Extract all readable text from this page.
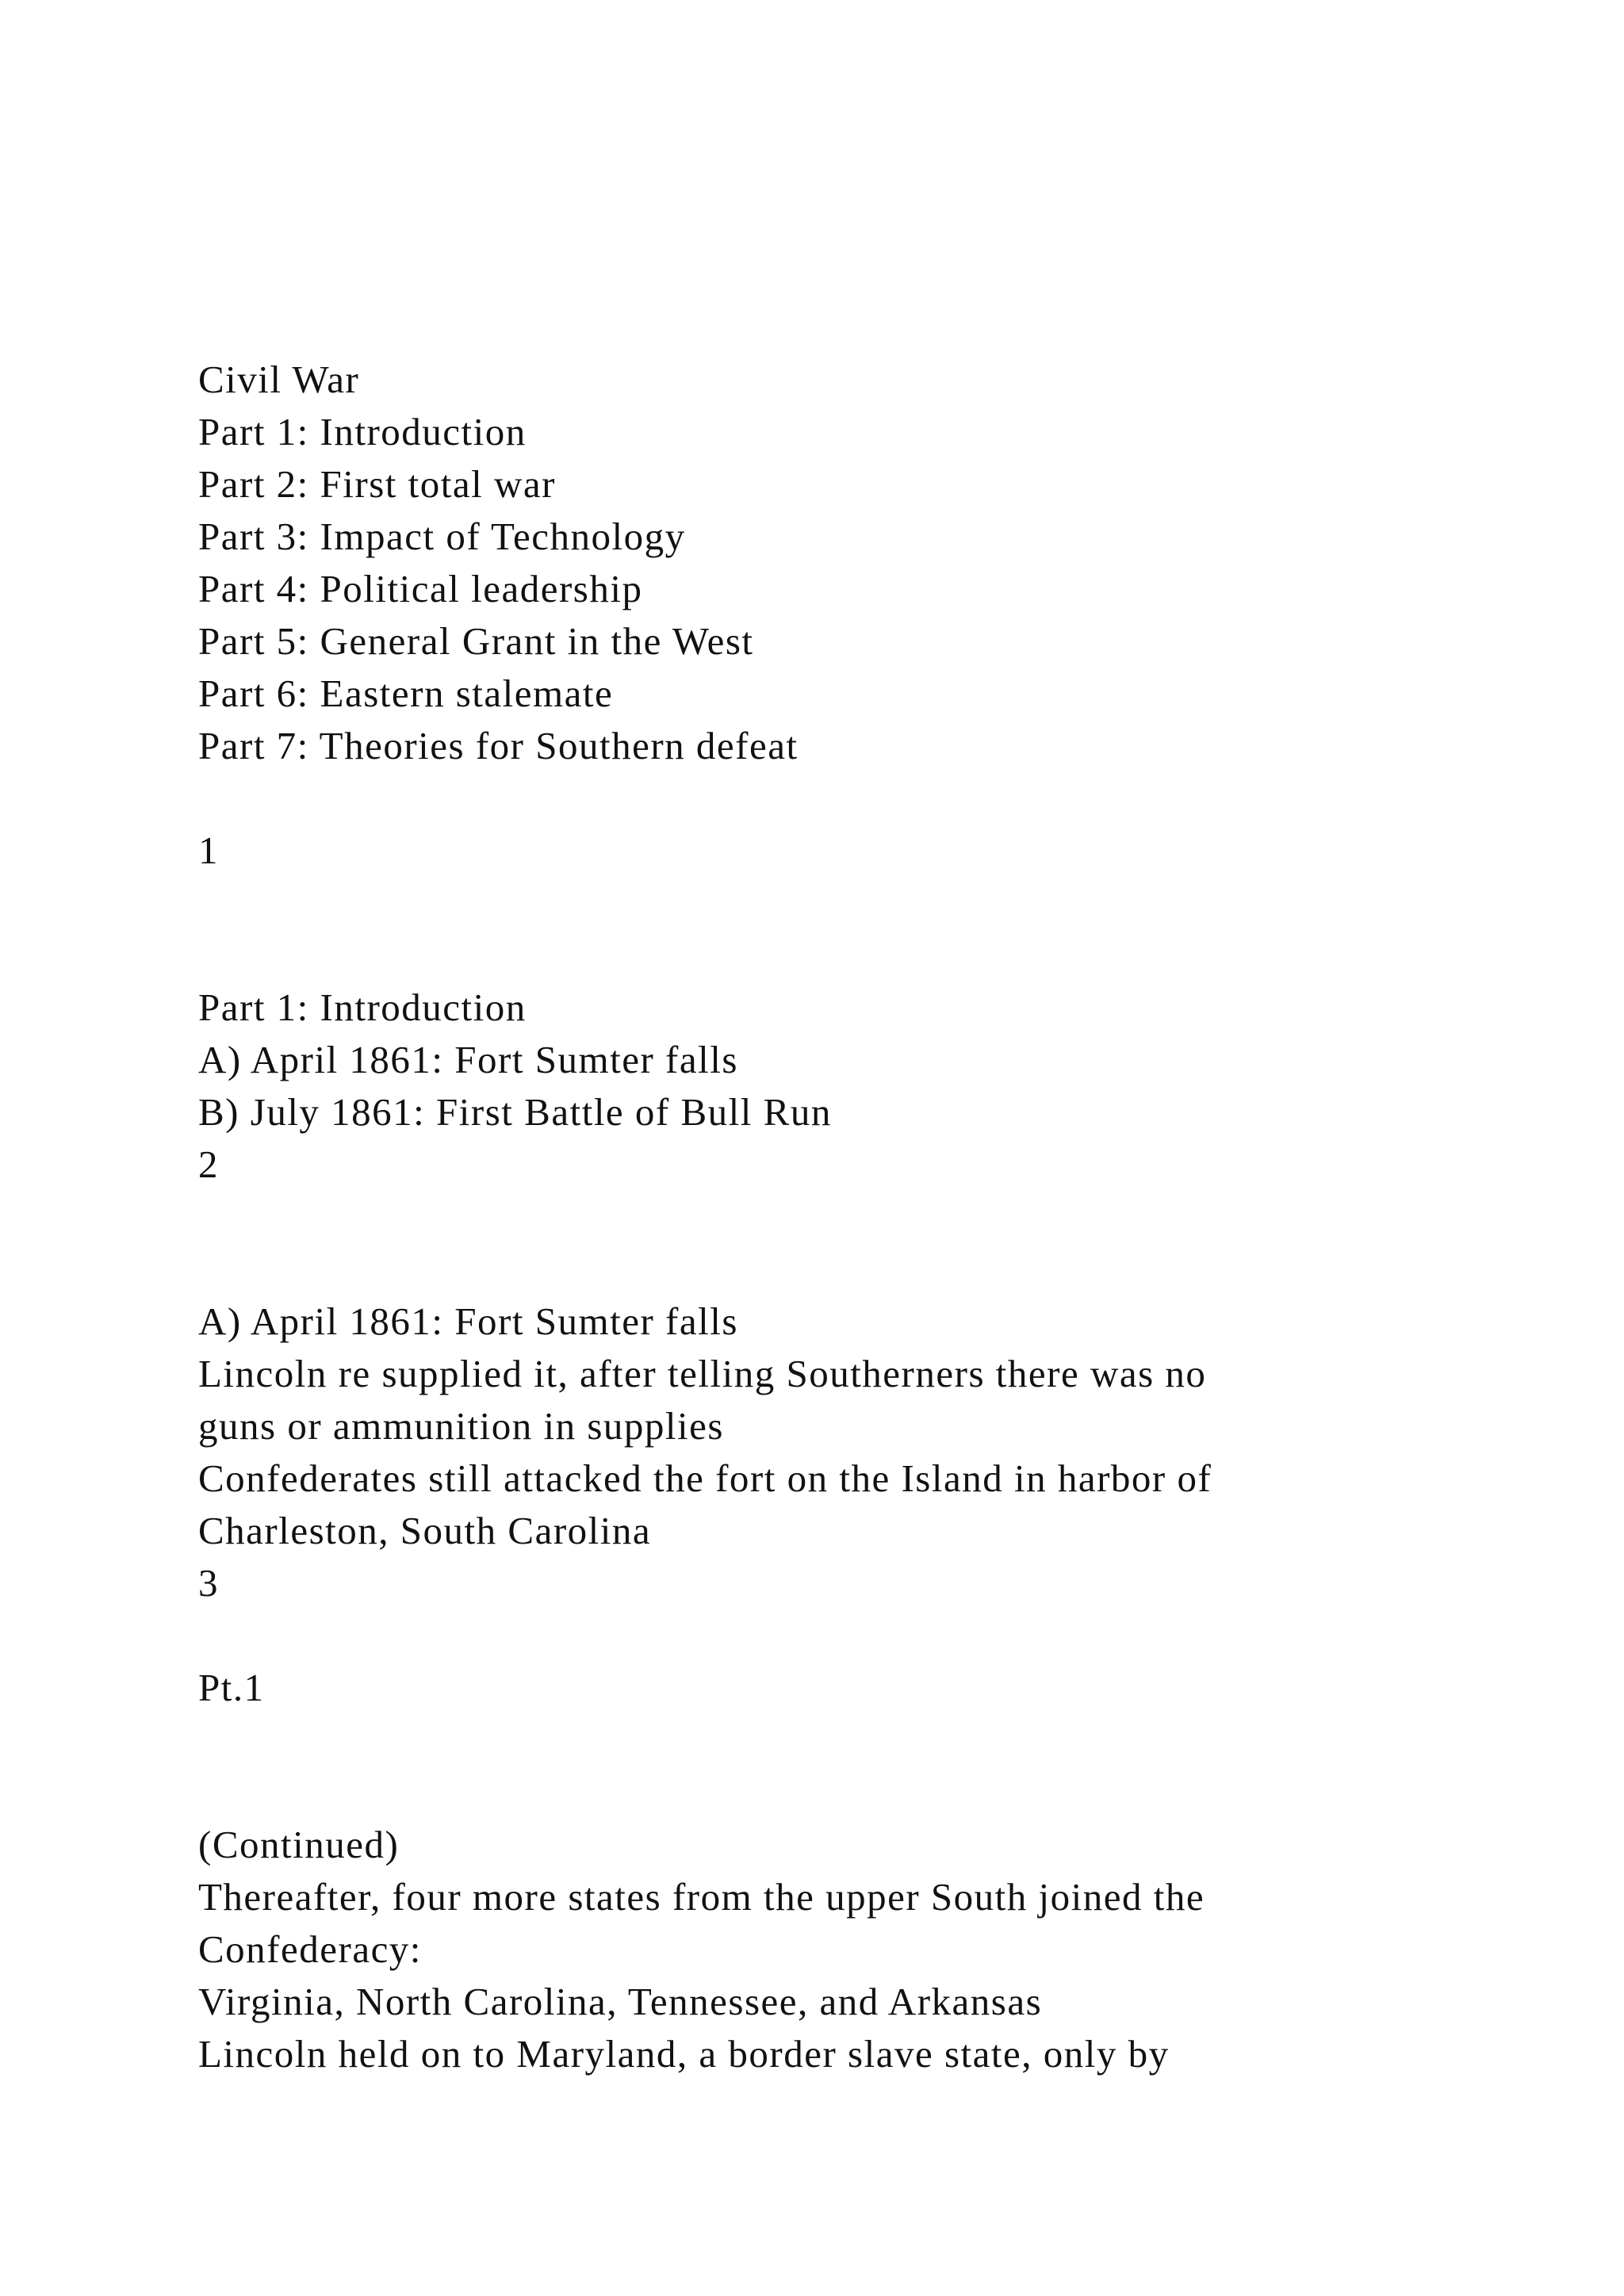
Civil War
Part 1: Introduction
Part 2: First total war
Part 3: Impact of Technology
Part 4: Political leadership
Part 5: General Grant in the West
Part 6: Eastern stalemate
Part 7: Theories for Southern defeat
1
Part 1: Introduction
A) April 1861: Fort Sumter falls
B) July 1861: First Battle of Bull Run
2
A) April 1861: Fort Sumter falls
Lincoln re supplied it, after telling Southerners there was no
guns or ammunition in supplies
Confederates still attacked the fort on the Island in harbor of
Charleston, South Carolina
3
Pt.1
(Continued)
Thereafter, four more states from the upper South joined the
Confederacy:
Virginia, North Carolina, Tennessee, and Arkansas
Lincoln held on to Maryland, a border slave state, only by
